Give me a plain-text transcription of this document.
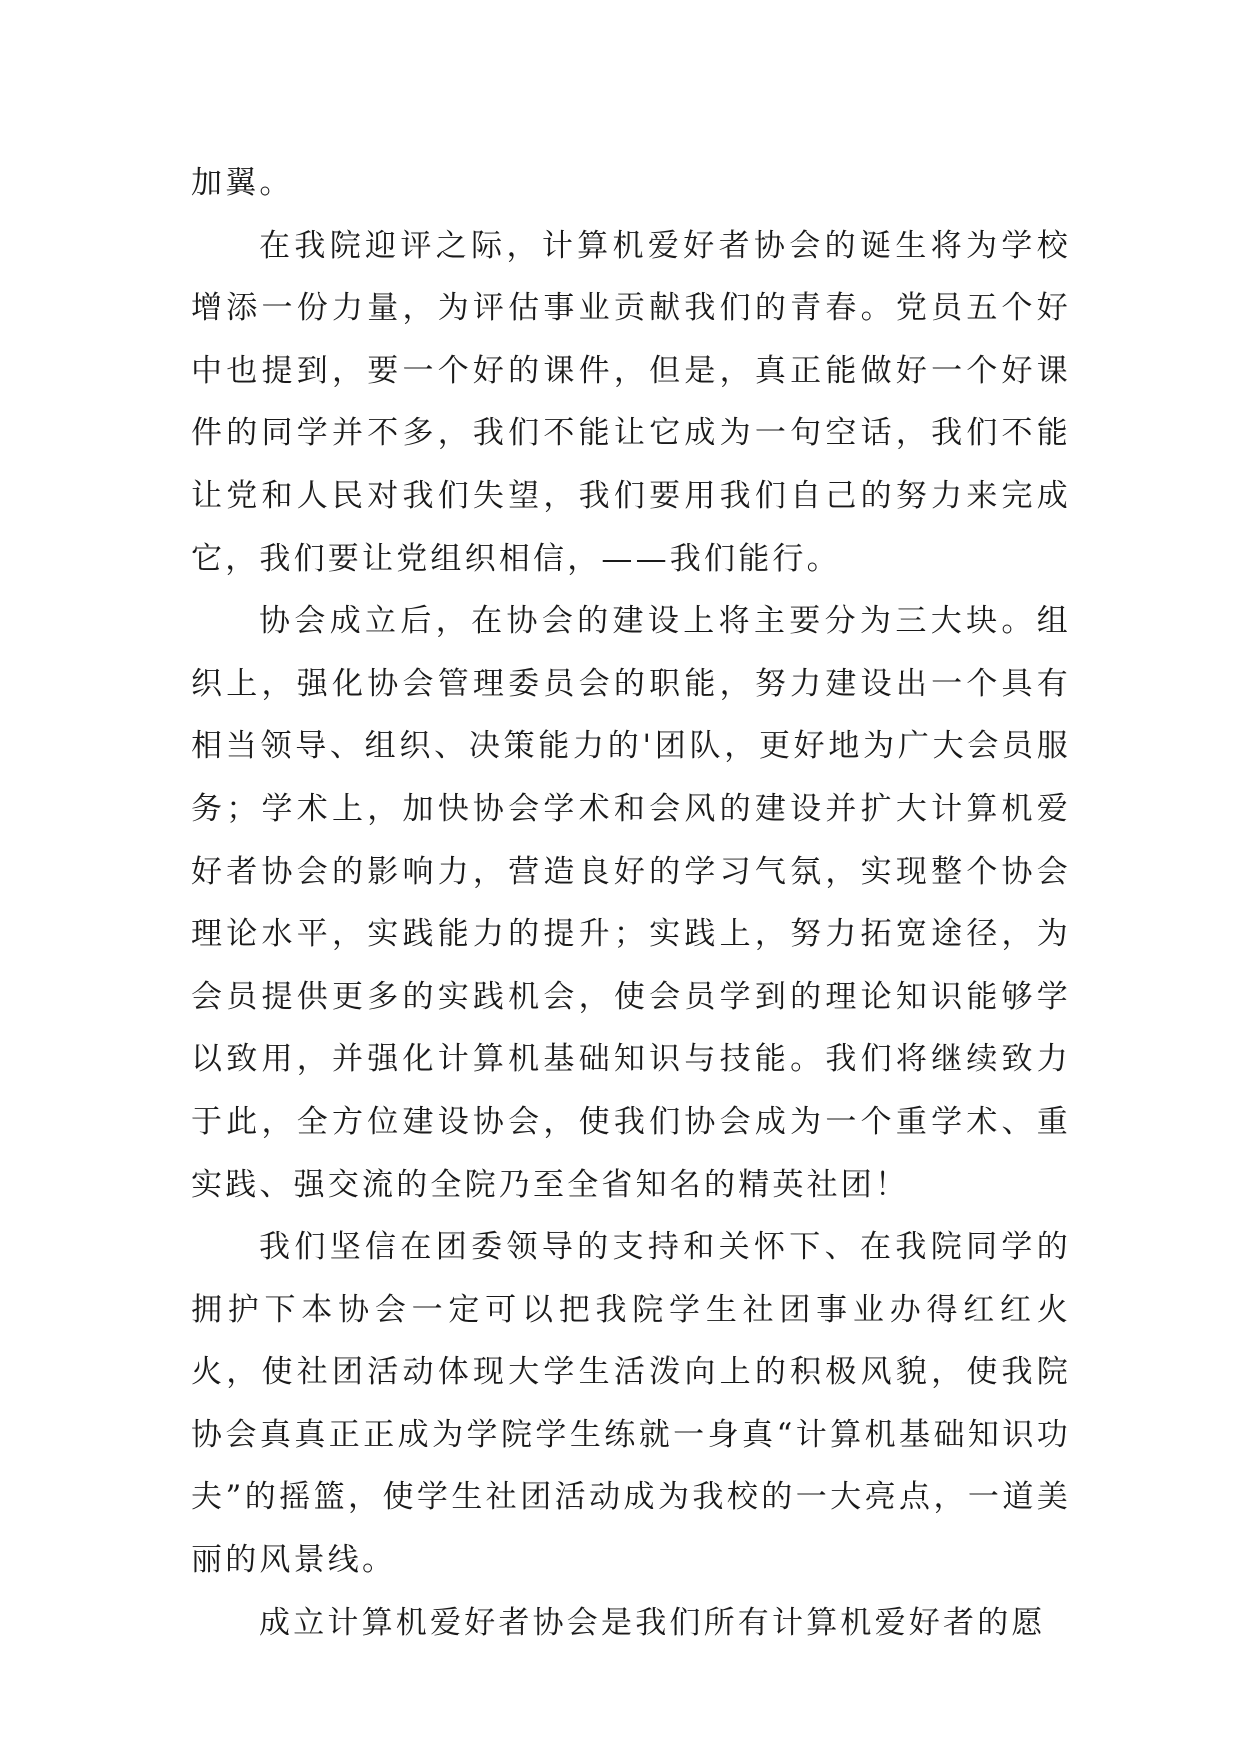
加翼。

在我院迎评之际，计算机爱好者协会的诞生将为学校增添一份力量，为评估事业贡献我们的青春。党员五个好中也提到，要一个好的课件，但是，真正能做好一个好课件的同学并不多，我们不能让它成为一句空话，我们不能让党和人民对我们失望，我们要用我们自己的努力来完成它，我们要让党组织相信，——我们能行。

协会成立后，在协会的建设上将主要分为三大块。组织上，强化协会管理委员会的职能，努力建设出一个具有相当领导、组织、决策能力的'团队，更好地为广大会员服务；学术上，加快协会学术和会风的建设并扩大计算机爱好者协会的影响力，营造良好的学习气氛，实现整个协会理论水平，实践能力的提升；实践上，努力拓宽途径，为会员提供更多的实践机会，使会员学到的理论知识能够学以致用，并强化计算机基础知识与技能。我们将继续致力于此，全方位建设协会，使我们协会成为一个重学术、重实践、强交流的全院乃至全省知名的精英社团！

我们坚信在团委领导的支持和关怀下、在我院同学的拥护下本协会一定可以把我院学生社团事业办得红红火火，使社团活动体现大学生活泼向上的积极风貌，使我院协会真真正正成为学院学生练就一身真“计算机基础知识功夫”的摇篮，使学生社团活动成为我校的一大亮点，一道美丽的风景线。

成立计算机爱好者协会是我们所有计算机爱好者的愿
